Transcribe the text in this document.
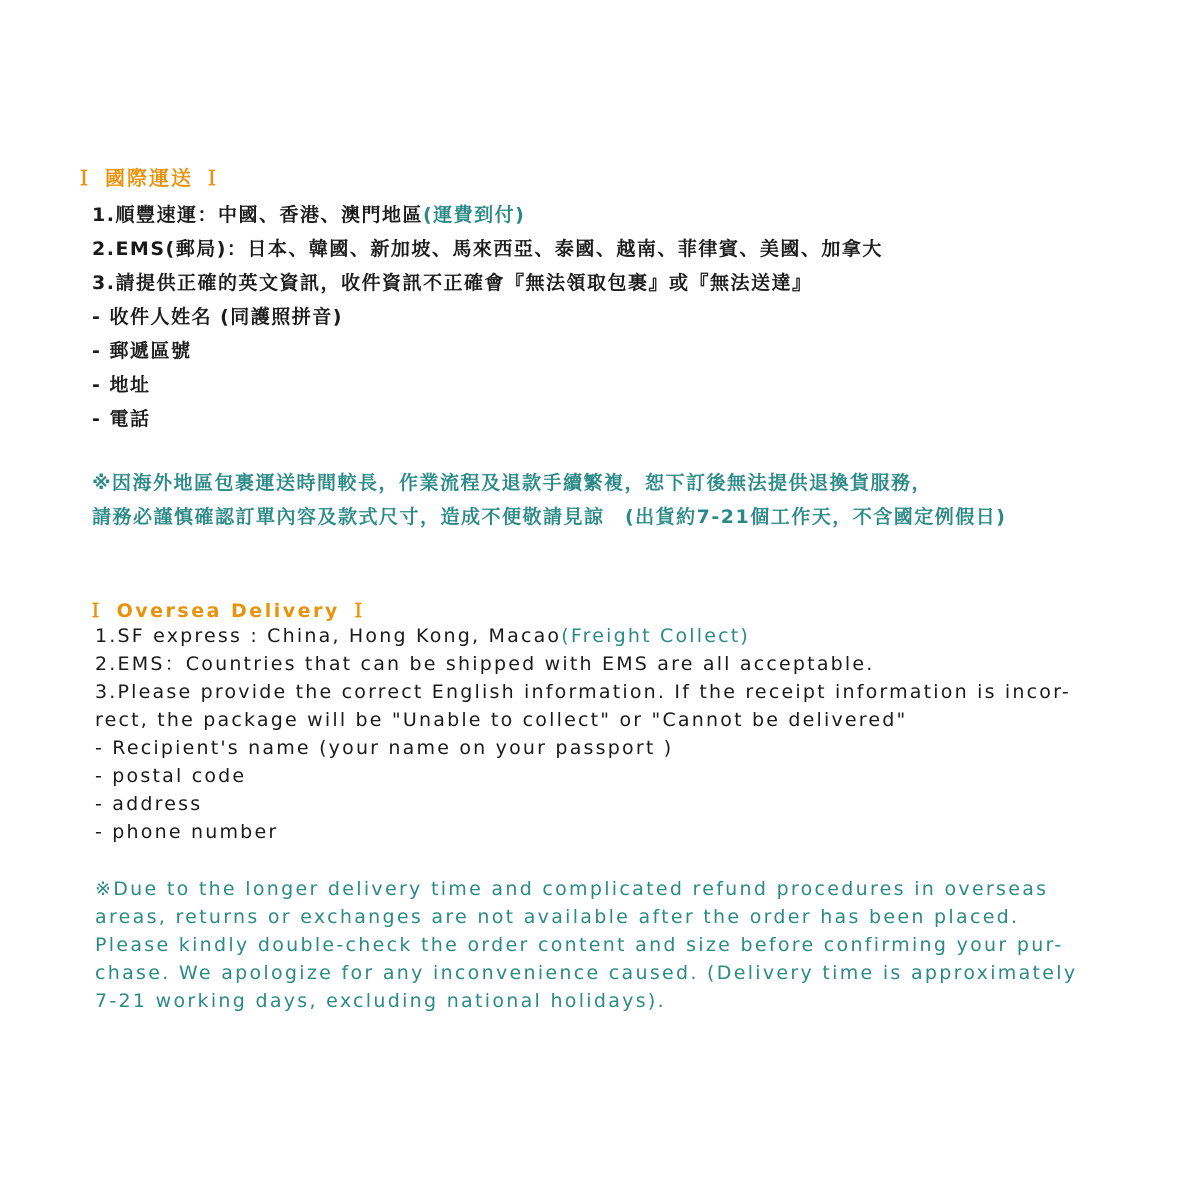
Ｉ 國際運送 Ｉ
1.順豐速運：中國、香港、澳門地區(運費到付)
2.EMS(郵局)：日本、韓國、新加坡、馬來西亞、泰國、越南、菲律賓、美國、加拿大
3.請提供正確的英文資訊，收件資訊不正確會『無法領取包裹』或『無法送達』
- 收件人姓名 (同護照拼音)
- 郵遞區號
- 地址
- 電話
※因海外地區包裹運送時間較長，作業流程及退款手續繁複，恕下訂後無法提供退換貨服務，
請務必謹慎確認訂單內容及款式尺寸，造成不便敬請見諒　(出貨約7-21個工作天，不含國定例假日)
Ｉ Oversea Delivery Ｉ
1.SF express : China, Hong Kong, Macao(Freight Collect)
2.EMS：Countries that can be shipped with EMS are all acceptable.
3.Please provide the correct English information. If the receipt information is incor-
rect, the package will be "Unable to collect" or "Cannot be delivered"
- Recipient's name (your name on your passport )
- postal code
- address
- phone number
※Due to the longer delivery time and complicated refund procedures in overseas
areas, returns or exchanges are not available after the order has been placed.
Please kindly double-check the order content and size before confirming your pur-
chase. We apologize for any inconvenience caused. (Delivery time is approximately
7-21 working days, excluding national holidays).
